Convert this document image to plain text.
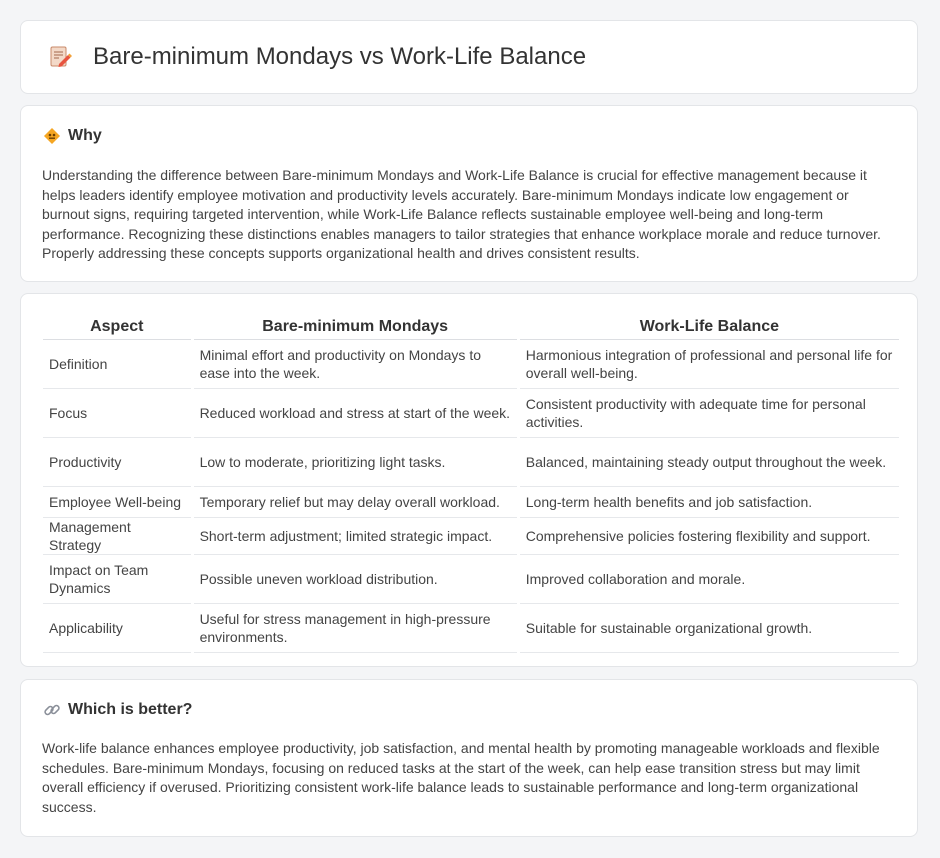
Bare-minimum Mondays vs Work-Life Balance
Why
Understanding the difference between Bare-minimum Mondays and Work-Life Balance is crucial for effective management because it helps leaders identify employee motivation and productivity levels accurately. Bare-minimum Mondays indicate low engagement or burnout signs, requiring targeted intervention, while Work-Life Balance reflects sustainable employee well-being and long-term performance. Recognizing these distinctions enables managers to tailor strategies that enhance workplace morale and reduce turnover. Properly addressing these concepts supports organizational health and drives consistent results.
Aspect	Bare-minimum Mondays	Work-Life Balance
Definition	Minimal effort and productivity on Mondays to ease into the week.	Harmonious integration of professional and personal life for overall well-being.
Focus	Reduced workload and stress at start of the week.	Consistent productivity with adequate time for personal activities.
Productivity	Low to moderate, prioritizing light tasks.	Balanced, maintaining steady output throughout the week.
Employee Well-being	Temporary relief but may delay overall workload.	Long-term health benefits and job satisfaction.
Management Strategy	Short-term adjustment; limited strategic impact.	Comprehensive policies fostering flexibility and support.
Impact on Team Dynamics	Possible uneven workload distribution.	Improved collaboration and morale.
Applicability	Useful for stress management in high-pressure environments.	Suitable for sustainable organizational growth.
Which is better?
Work-life balance enhances employee productivity, job satisfaction, and mental health by promoting manageable workloads and flexible schedules. Bare-minimum Mondays, focusing on reduced tasks at the start of the week, can help ease transition stress but may limit overall efficiency if overused. Prioritizing consistent work-life balance leads to sustainable performance and long-term organizational success.
